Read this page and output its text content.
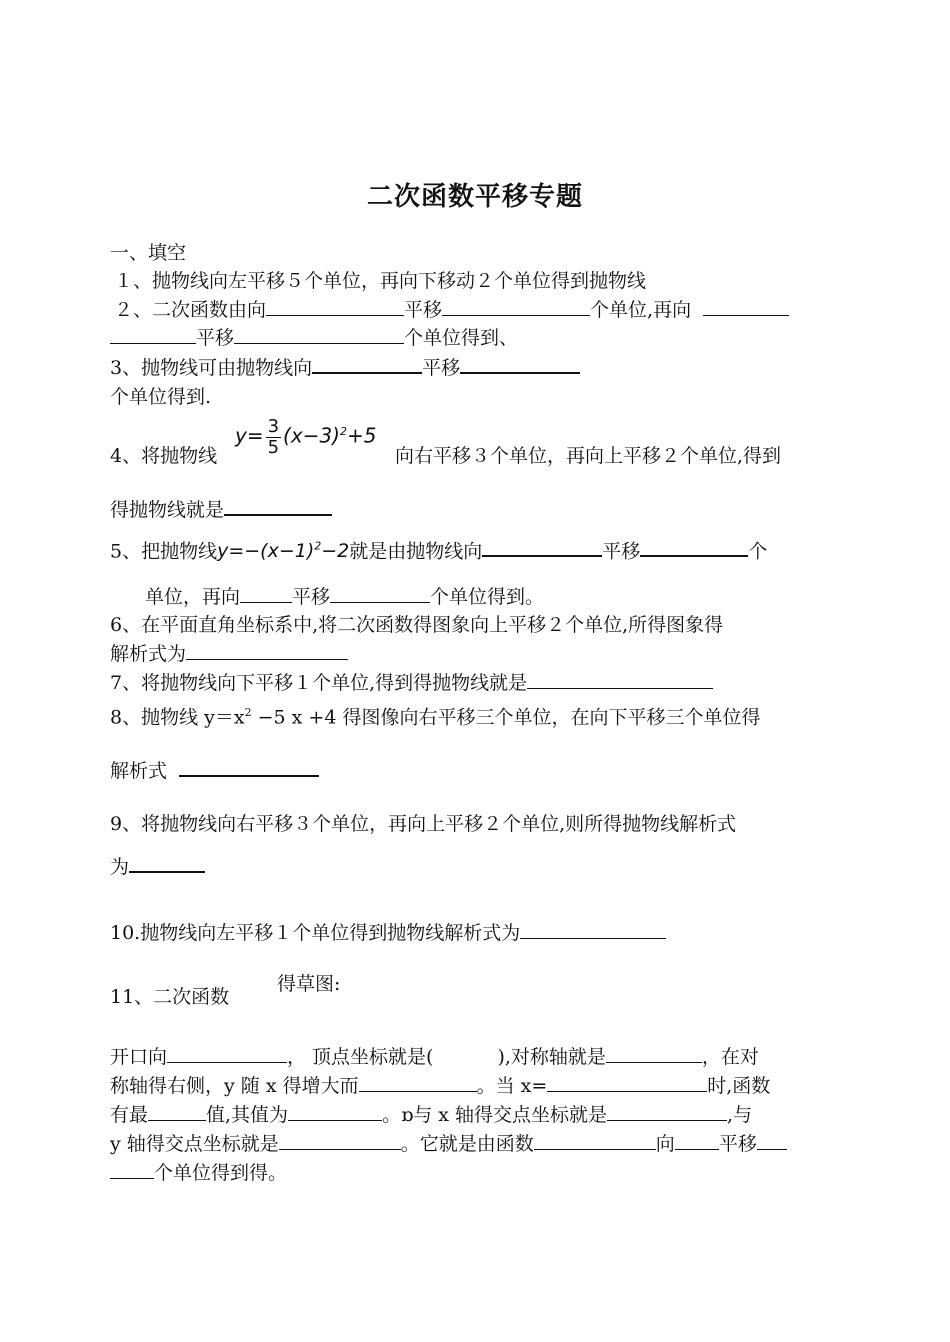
二次函数平移专题
一、填空
１、抛物线向左平移５个单位，再向下移动２个单位得到抛物线
２、二次函数由向	平移	个单位,再向
平移	个单位得到、
3、抛物线可由抛物线向	平移
个单位得到.
4、将抛物线
$y= \frac{3}{5} (x-3)^2+5$
向右平移３个单位，再向上平移２个单位,得到
得抛物线就是
5、把抛物线$y=-(x-1)^2-2$就是由抛物线向	平移	个
单位，再向	平移	个单位得到。
6、在平面直角坐标系中,将二次函数得图象向上平移２个单位,所得图象得
解析式为
7、将抛物线向下平移１个单位,得到得抛物线就是
8、抛物线 $y=x^2 -5$ x +4 得图像向右平移三个单位，在向下平移三个单位得
解析式
9、将抛物线向右平移３个单位，再向上平移２个单位,则所得抛物线解析式
为
10.抛物线向左平移１个单位得到抛物线解析式为
11、二次函数
得草图:
开口向	， 顶点坐标就是(	),对称轴就是	，在对
称轴得右侧，y 随 x 得增大而	。当 x=	时,函数
有最	值,其值为	。ɒ与 x 轴得交点坐标就是	,与
y 轴得交点坐标就是	。它就是由函数	向 平移
个单位得到得。
